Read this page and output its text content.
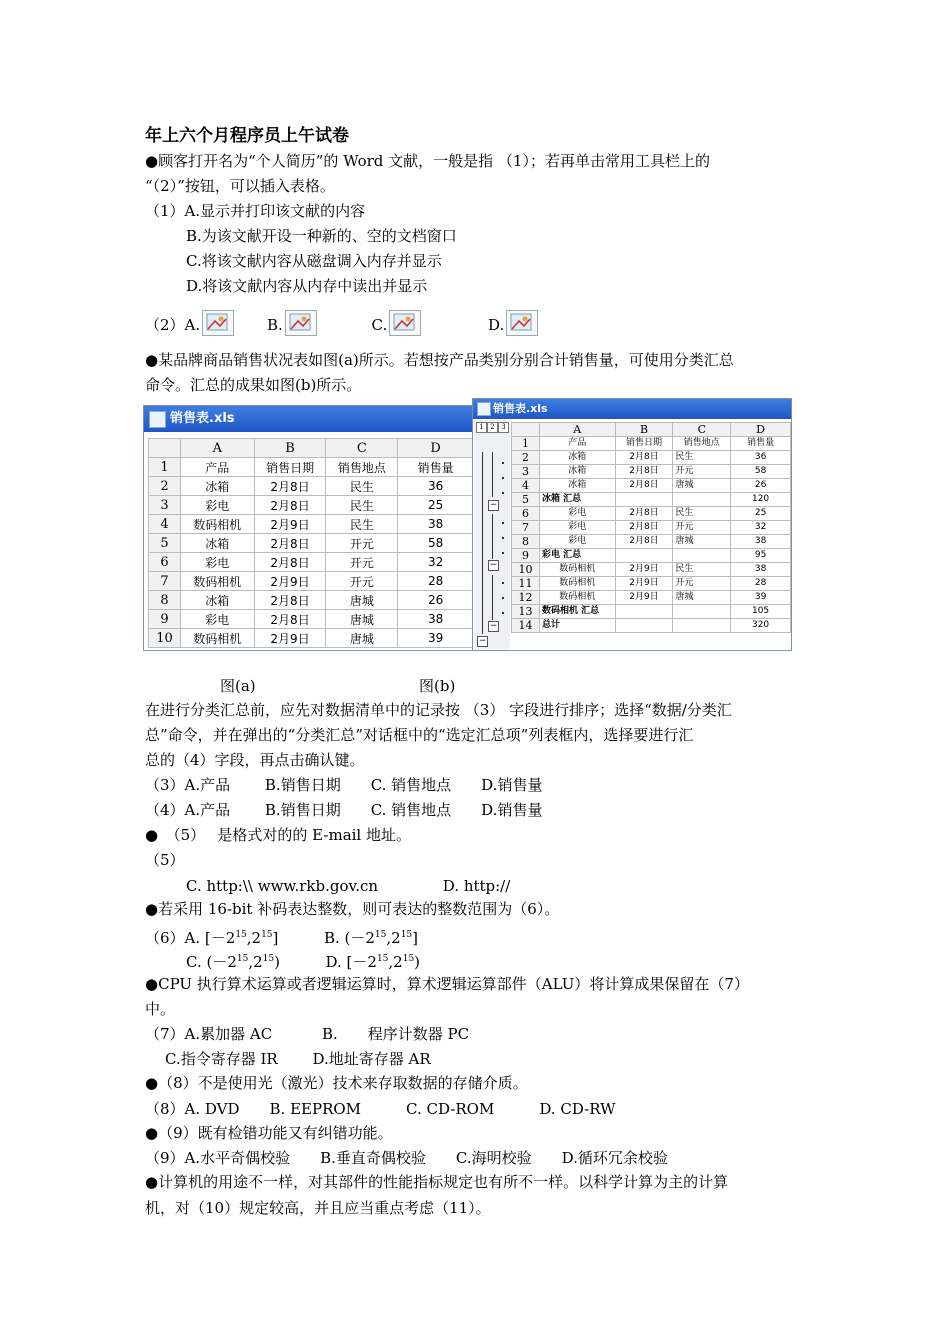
年上六个月程序员上午试卷
●顾客打开名为“个人简历”的 Word 文献，一般是指 （1）；若再单击常用工具栏上的
“（2）”按钮，可以插入表格。
（1）A.显示并打印该文献的内容
B.为该文献开设一种新的、空的文档窗口
C.将该文献内容从磁盘调入内存并显示
D.将该文献内容从内存中读出并显示
（2）A.	B.	C.	D.
●某品牌商品销售状况表如图(a)所示。若想按产品类别分别合计销售量，可使用分类汇总
命令。汇总的成果如图(b)所示。
销售表.xls
	A	B	C	D
1	产品	销售日期	销售地点	销售量
2	冰箱	2月8日	民生	36
3	彩电	2月8日	民生	25
4	数码相机	2月9日	民生	38
5	冰箱	2月8日	开元	58
6	彩电	2月8日	开元	32
7	数码相机	2月9日	开元	28
8	冰箱	2月8日	唐城	26
9	彩电	2月8日	唐城	38
10	数码相机	2月9日	唐城	39
销售表.xls
	A	B	C	D
1	产品	销售日期	销售地点	销售量
2	冰箱	2月8日	民生	36
3	冰箱	2月8日	开元	58
4	冰箱	2月8日	唐城	26
5	冰箱 汇总			120
6	彩电	2月8日	民生	25
7	彩电	2月8日	开元	32
8	彩电	2月8日	唐城	38
9	彩电 汇总			95
10	数码相机	2月9日	民生	38
11	数码相机	2月9日	开元	28
12	数码相机	2月9日	唐城	39
13	数码相机 汇总			105
14	总计			320
1 2 3
−
−
−
−
图(a)	图(b)
在进行分类汇总前，应先对数据清单中的记录按 （3） 字段进行排序；选择“数据/分类汇
总”命令，并在弹出的“分类汇总”对话框中的“选定汇总项”列表框内，选择要进行汇
总的（4）字段，再点击确认键。
（3）A.产品　　 B.销售日期　　C. 销售地点　　D.销售量
（4）A.产品　　 B.销售日期　　C. 销售地点　　D.销售量
●　（5）　 是格式对的的 E-mail 地址。
（5）
C. http:\\ www.rkb.gov.cn　　　　 D. http://
●若采用 16-bit 补码表达整数，则可表达的整数范围为（6）。
（6）A. $[-2^{15},2^{15}]$	B. $(-2^{15},2^{15}]$
C. $(-2^{15},2^{15})$	D. $[-2^{15},2^{15})$
●CPU 执行算术运算或者逻辑运算时，算术逻辑运算部件（ALU）将计算成果保留在（7）
中。
（7）A.累加器 AC　　　 B.　　程序计数器 PC
C.指令寄存器 IR　　 D.地址寄存器 AR
●（8）不是使用光（激光）技术来存取数据的存储介质。
（8）A. DVD　　B. EEPROM　　　C. CD-ROM　　　D. CD-RW
●（9）既有检错功能又有纠错功能。
（9）A.水平奇偶校验　　B.垂直奇偶校验　　C.海明校验　　D.循环冗余校验
●计算机的用途不一样，对其部件的性能指标规定也有所不一样。以科学计算为主的计算
机，对（10）规定较高，并且应当重点考虑（11）。
